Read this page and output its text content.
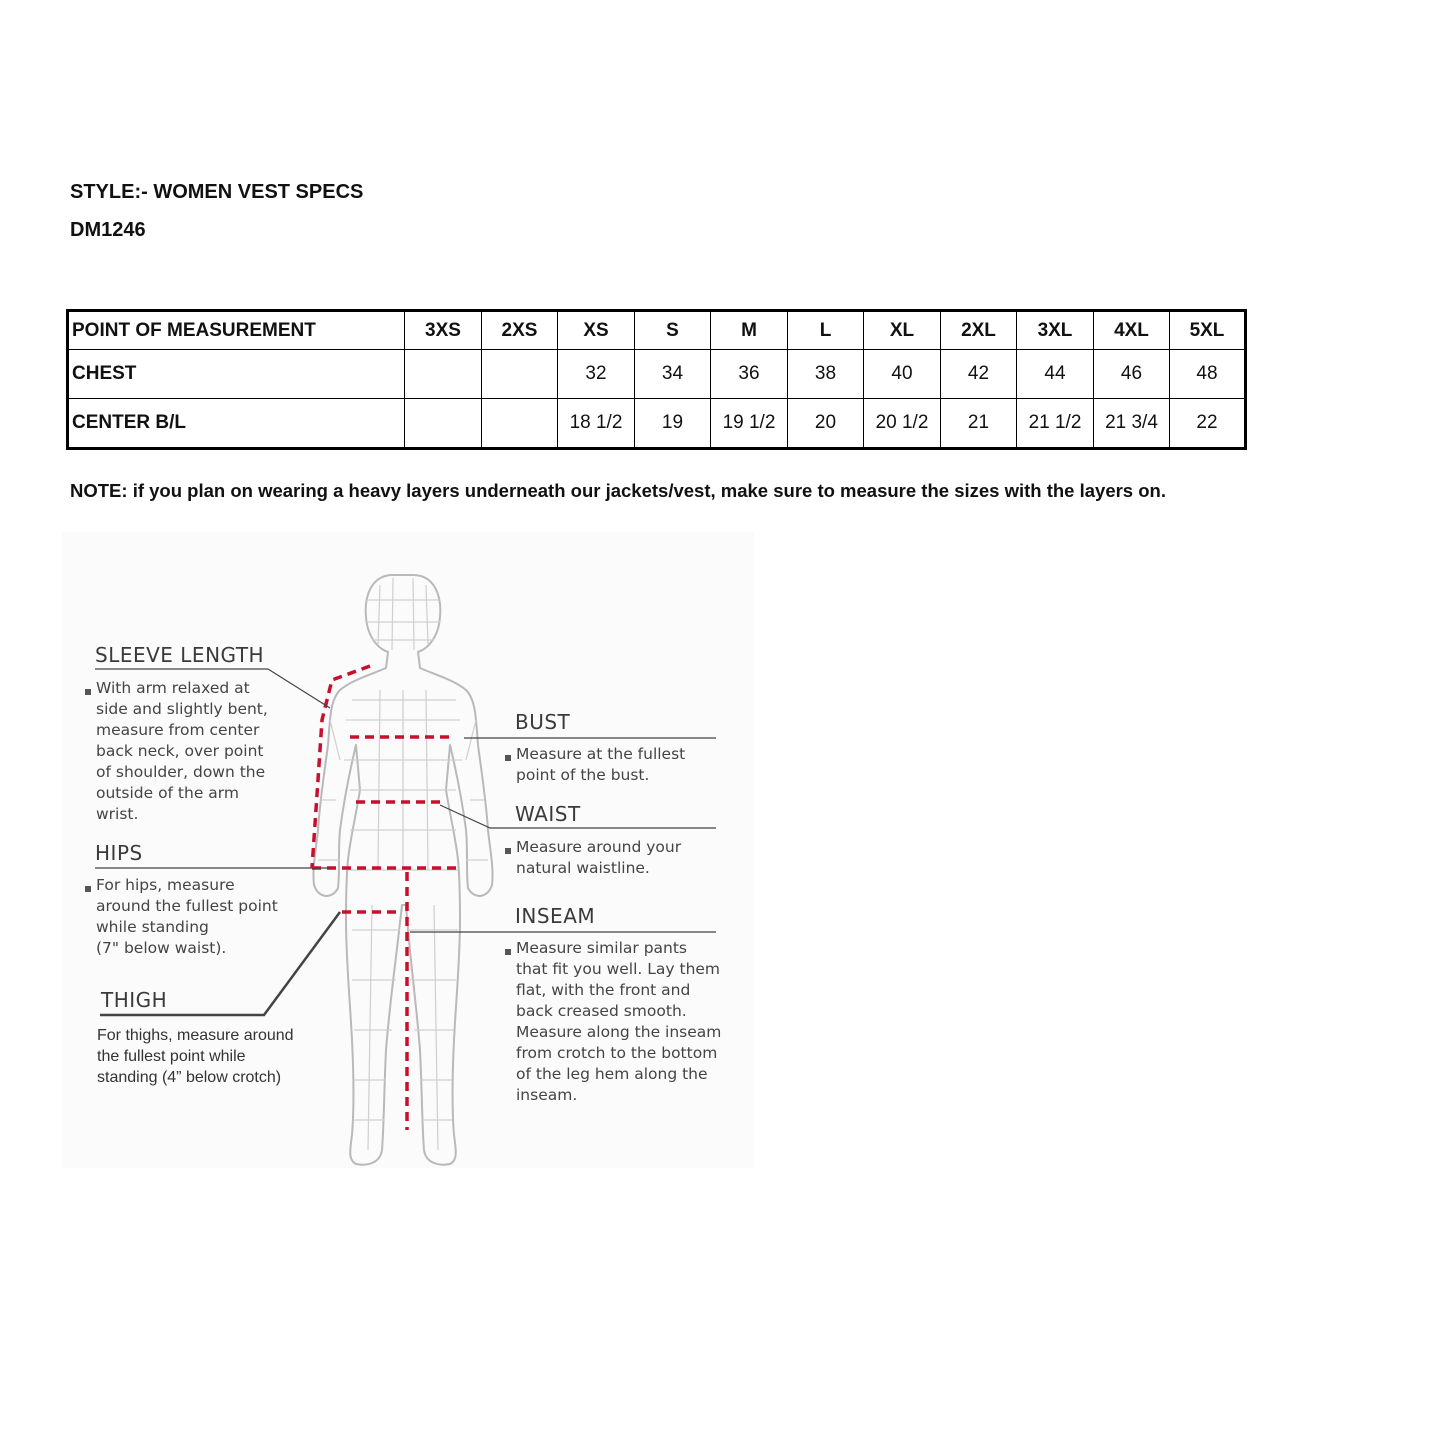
STYLE:- WOMEN VEST SPECS
DM1246
POINT OF MEASUREMENT	3XS	2XS	XS	S	M	L	XL	2XL	3XL	4XL	5XL
CHEST			32	34	36	38	40	42	44	46	48
CENTER B/L			18 1/2	19	19 1/2	20	20 1/2	21	21 1/2	21 3/4	22
NOTE: if you plan on wearing a heavy layers underneath our jackets/vest, make sure to measure the sizes with the layers on.
SLEEVE LENGTH
With arm relaxed at
side and slightly bent,
measure from center
back neck, over point
of shoulder, down the
outside of the arm
wrist.
HIPS
For hips, measure
around the fullest point
while standing
(7" below waist).
THIGH
For thighs, measure around
the fullest point while
standing (4” below crotch)
BUST
Measure at the fullest
point of the bust.
WAIST
Measure around your
natural waistline.
INSEAM
Measure similar pants
that fit you well. Lay them
flat, with the front and
back creased smooth.
Measure along the inseam
from crotch to the bottom
of the leg hem along the
inseam.
